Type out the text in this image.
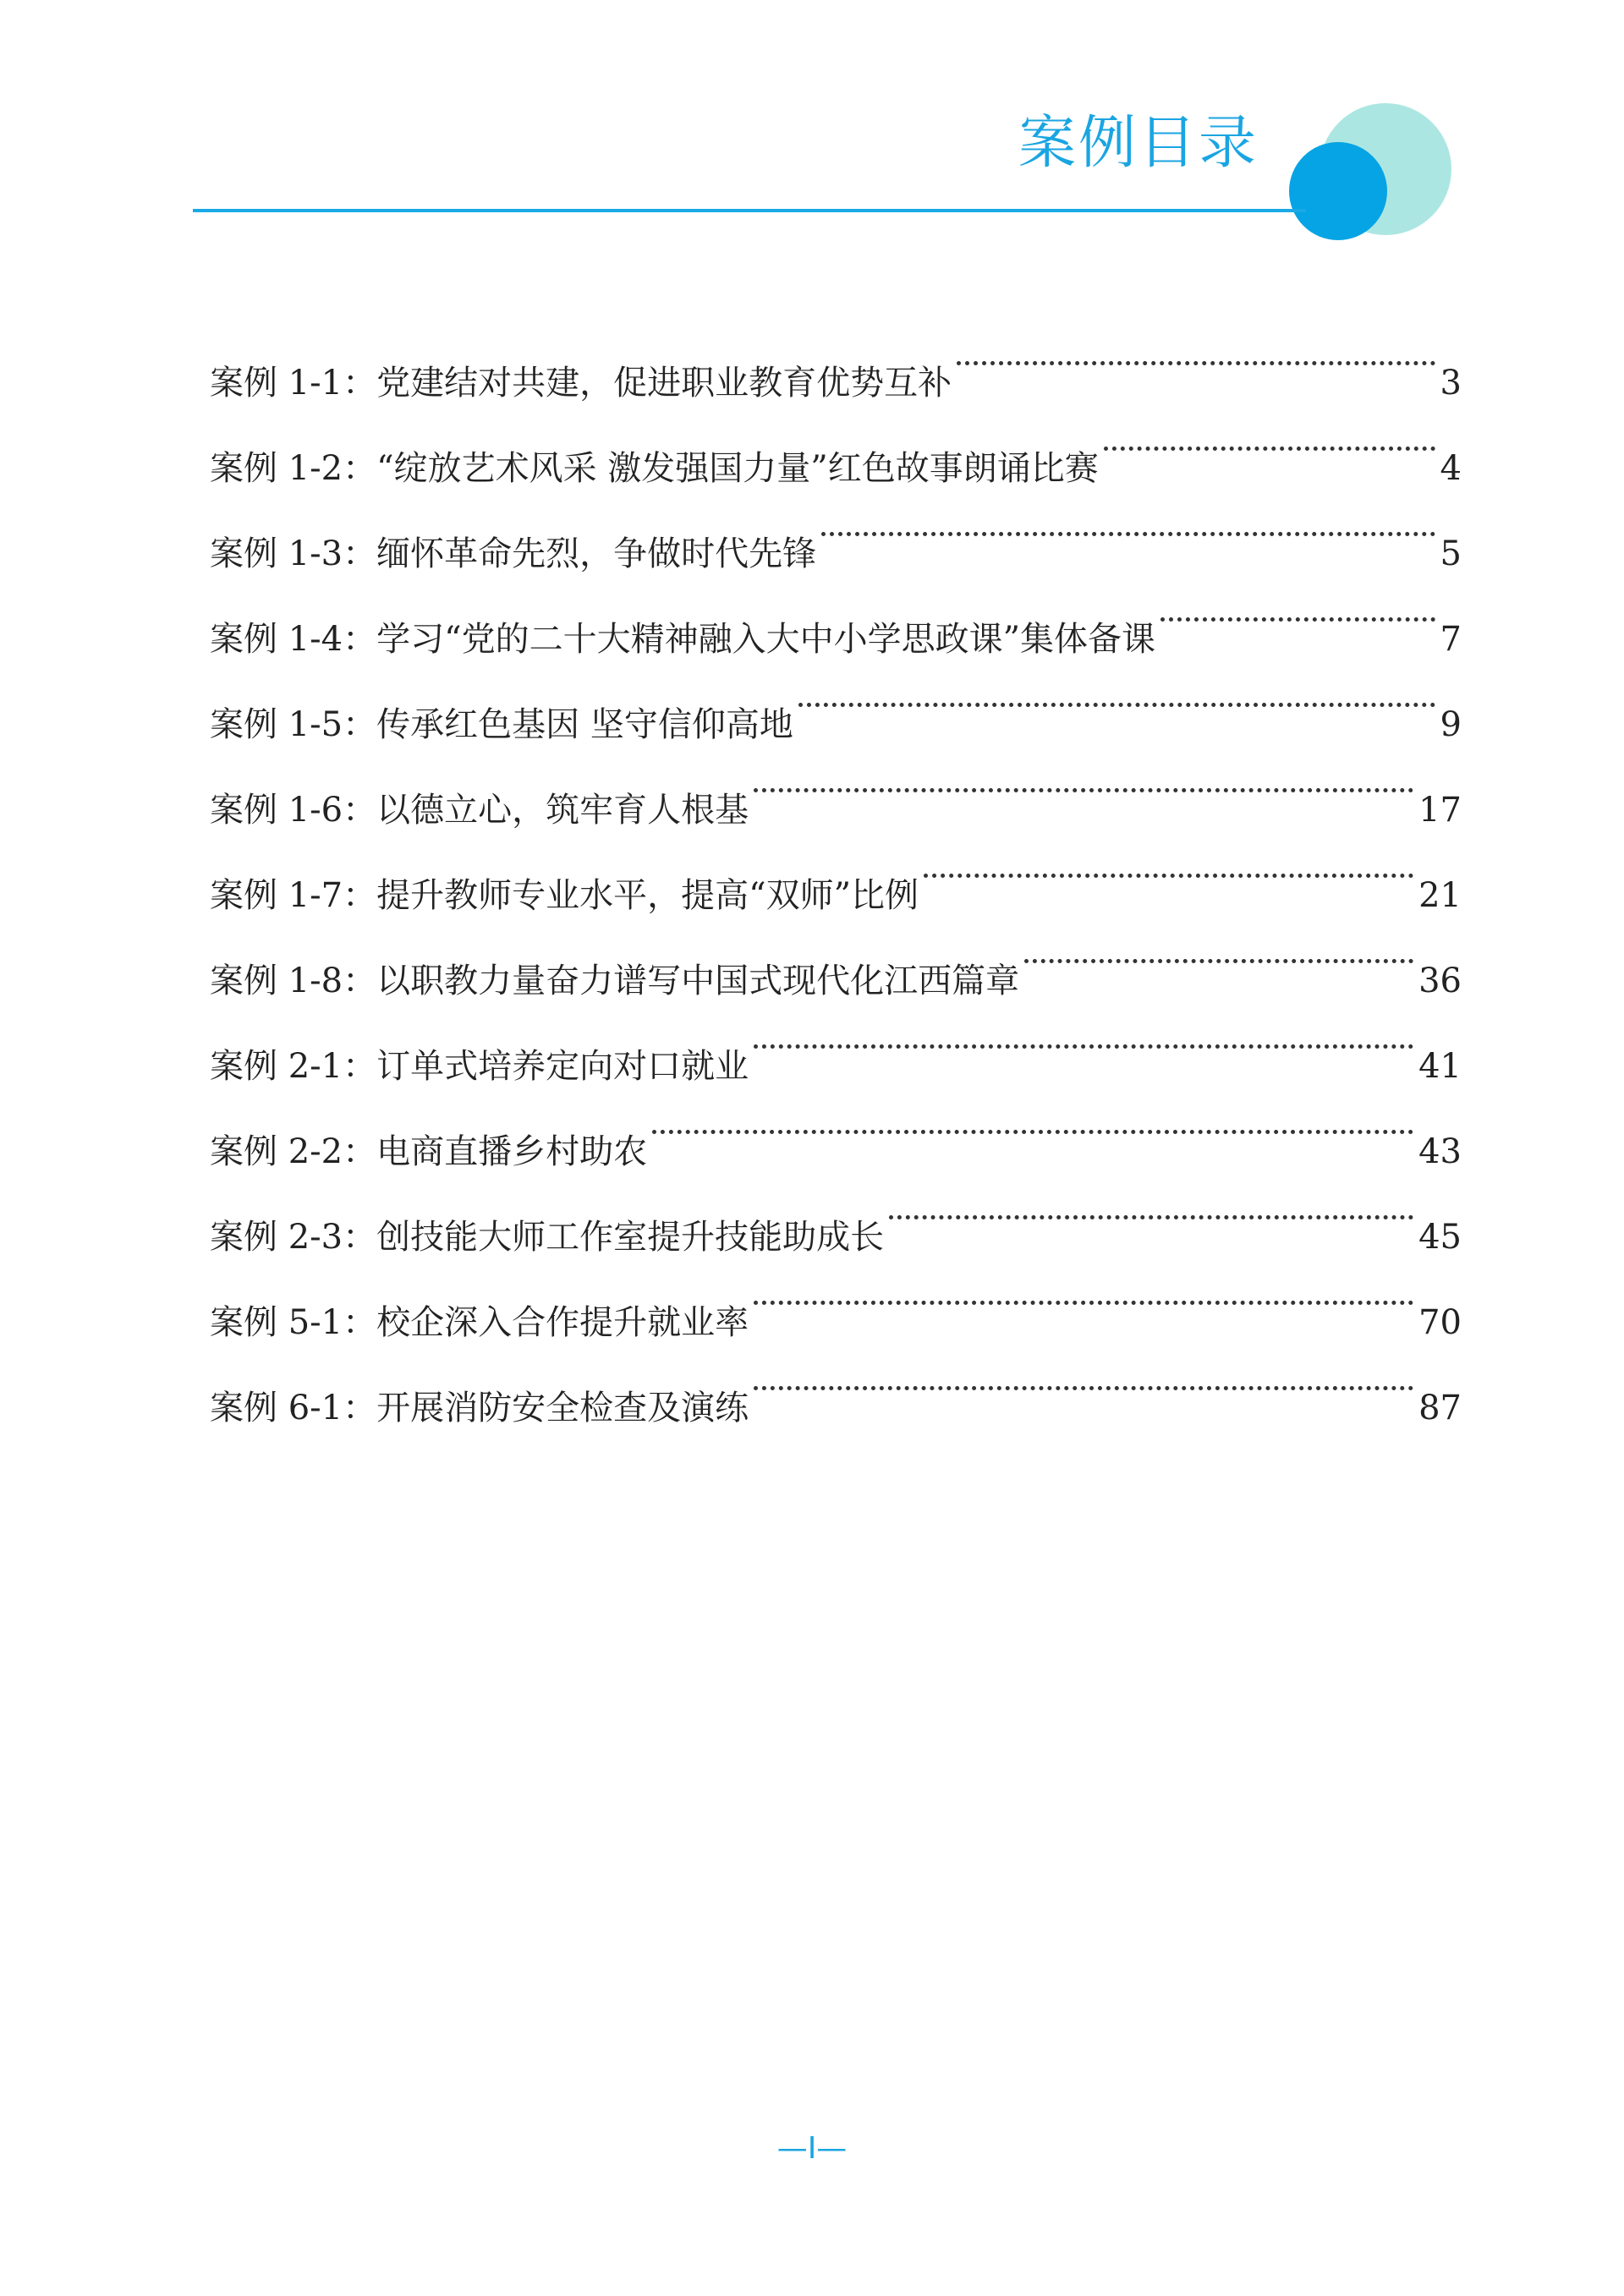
案例目录
案例 1-1 ： 党建结对共建，促进职业教育优势互补	3
案例 1-2 ： “绽放艺术风采 激发强国力量”红色故事朗诵比赛	4
案例 1-3 ： 缅怀革命先烈，争做时代先锋	5
案例 1-4 ： 学习“党的二十大精神融入大中小学思政课”集体备课	7
案例 1-5 ： 传承红色基因 坚守信仰高地	9
案例 1-6 ： 以德立心，筑牢育人根基	17
案例 1-7 ： 提升教师专业水平，提高“双师”比例	21
案例 1-8 ： 以职教力量奋力谱写中国式现代化江西篇章	36
案例 2-1 ： 订单式培养定向对口就业	41
案例 2-2 ： 电商直播乡村助农	43
案例 2-3 ： 创技能大师工作室提升技能助成长	45
案例 5-1 ： 校企深入合作提升就业率	70
案例 6-1 ： 开展消防安全检查及演练	87
—I—
